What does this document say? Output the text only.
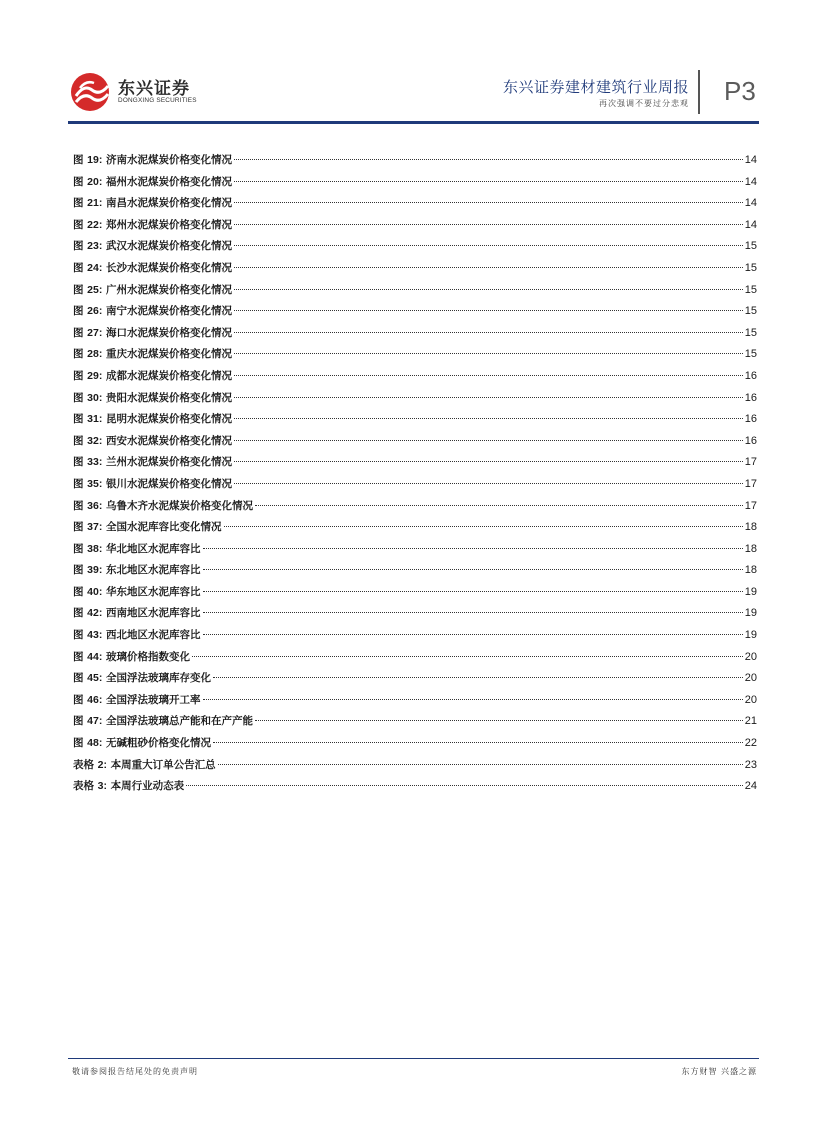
东兴证券
DONGXING SECURITIES
东兴证券建材建筑行业周报
再次强调不要过分悲观 P3
图 19: 济南水泥煤炭价格变化情况	14
图 20: 福州水泥煤炭价格变化情况	14
图 21: 南昌水泥煤炭价格变化情况	14
图 22: 郑州水泥煤炭价格变化情况	14
图 23: 武汉水泥煤炭价格变化情况	15
图 24: 长沙水泥煤炭价格变化情况	15
图 25: 广州水泥煤炭价格变化情况	15
图 26: 南宁水泥煤炭价格变化情况	15
图 27: 海口水泥煤炭价格变化情况	15
图 28: 重庆水泥煤炭价格变化情况	15
图 29: 成都水泥煤炭价格变化情况	16
图 30: 贵阳水泥煤炭价格变化情况	16
图 31: 昆明水泥煤炭价格变化情况	16
图 32: 西安水泥煤炭价格变化情况	16
图 33: 兰州水泥煤炭价格变化情况	17
图 35: 银川水泥煤炭价格变化情况	17
图 36: 乌鲁木齐水泥煤炭价格变化情况	17
图 37: 全国水泥库容比变化情况	18
图 38: 华北地区水泥库容比	18
图 39: 东北地区水泥库容比	18
图 40: 华东地区水泥库容比	19
图 42: 西南地区水泥库容比	19
图 43: 西北地区水泥库容比	19
图 44: 玻璃价格指数变化	20
图 45: 全国浮法玻璃库存变化	20
图 46: 全国浮法玻璃开工率	20
图 47: 全国浮法玻璃总产能和在产产能	21
图 48: 无碱粗砂价格变化情况	22
表格 2: 本周重大订单公告汇总	23
表格 3: 本周行业动态表	24
敬请参阅报告结尾处的免责声明	东方财智 兴盛之源
